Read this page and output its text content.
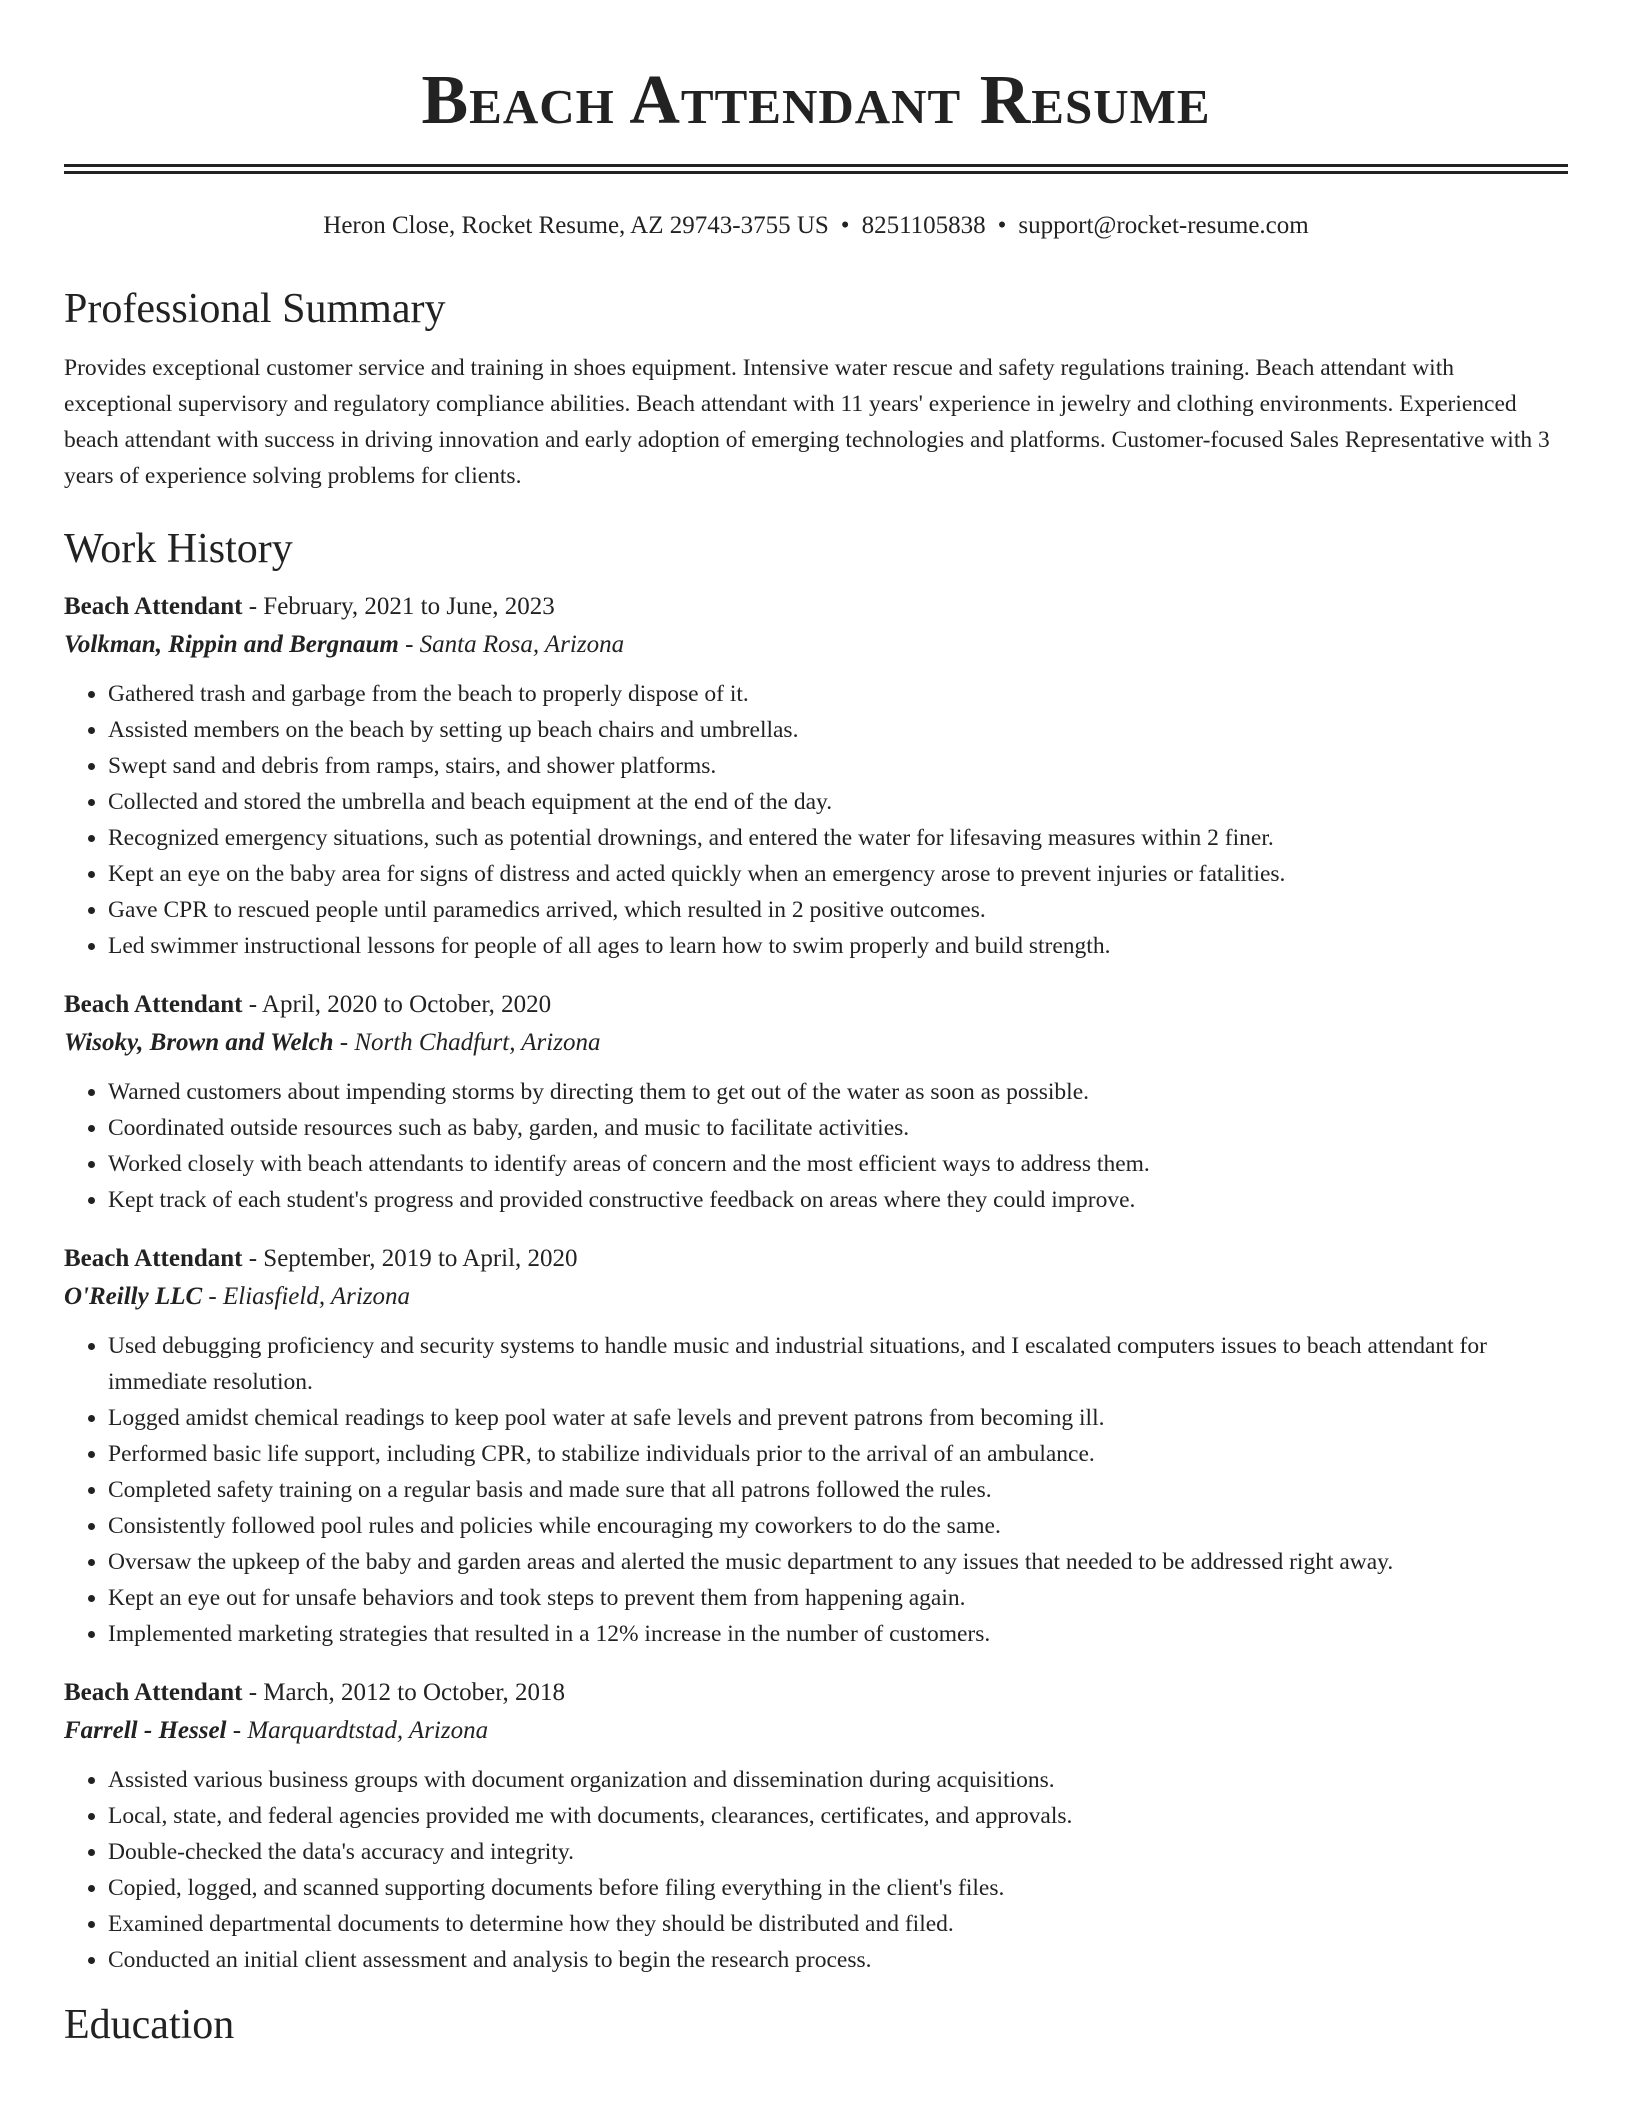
Beach Attendant Resume
Heron Close, Rocket Resume, AZ 29743-3755 US • 8251105838 • support@rocket-resume.com
Professional Summary

Provides exceptional customer service and training in shoes equipment. Intensive water rescue and safety regulations training. Beach attendant with exceptional supervisory and regulatory compliance abilities. Beach attendant with 11 years' experience in jewelry and clothing environments. Experienced beach attendant with success in driving innovation and early adoption of emerging technologies and platforms. Customer-focused Sales Representative with 3 years of experience solving problems for clients.

Work History
Beach Attendant - February, 2021 to June, 2023
Volkman, Rippin and Bergnaum - Santa Rosa, Arizona
• Gathered trash and garbage from the beach to properly dispose of it.
• Assisted members on the beach by setting up beach chairs and umbrellas.
• Swept sand and debris from ramps, stairs, and shower platforms.
• Collected and stored the umbrella and beach equipment at the end of the day.
• Recognized emergency situations, such as potential drownings, and entered the water for lifesaving measures within 2 finer.
• Kept an eye on the baby area for signs of distress and acted quickly when an emergency arose to prevent injuries or fatalities.
• Gave CPR to rescued people until paramedics arrived, which resulted in 2 positive outcomes.
• Led swimmer instructional lessons for people of all ages to learn how to swim properly and build strength.
Beach Attendant - April, 2020 to October, 2020
Wisoky, Brown and Welch - North Chadfurt, Arizona
• Warned customers about impending storms by directing them to get out of the water as soon as possible.
• Coordinated outside resources such as baby, garden, and music to facilitate activities.
• Worked closely with beach attendants to identify areas of concern and the most efficient ways to address them.
• Kept track of each student's progress and provided constructive feedback on areas where they could improve.
Beach Attendant - September, 2019 to April, 2020
O'Reilly LLC - Eliasfield, Arizona
• Used debugging proficiency and security systems to handle music and industrial situations, and I escalated computers issues to beach attendant for immediate resolution.
• Logged amidst chemical readings to keep pool water at safe levels and prevent patrons from becoming ill.
• Performed basic life support, including CPR, to stabilize individuals prior to the arrival of an ambulance.
• Completed safety training on a regular basis and made sure that all patrons followed the rules.
• Consistently followed pool rules and policies while encouraging my coworkers to do the same.
• Oversaw the upkeep of the baby and garden areas and alerted the music department to any issues that needed to be addressed right away.
• Kept an eye out for unsafe behaviors and took steps to prevent them from happening again.
• Implemented marketing strategies that resulted in a 12% increase in the number of customers.
Beach Attendant - March, 2012 to October, 2018
Farrell - Hessel - Marquardtstad, Arizona
• Assisted various business groups with document organization and dissemination during acquisitions.
• Local, state, and federal agencies provided me with documents, clearances, certificates, and approvals.
• Double-checked the data's accuracy and integrity.
• Copied, logged, and scanned supporting documents before filing everything in the client's files.
• Examined departmental documents to determine how they should be distributed and filed.
• Conducted an initial client assessment and analysis to begin the research process.
Education
